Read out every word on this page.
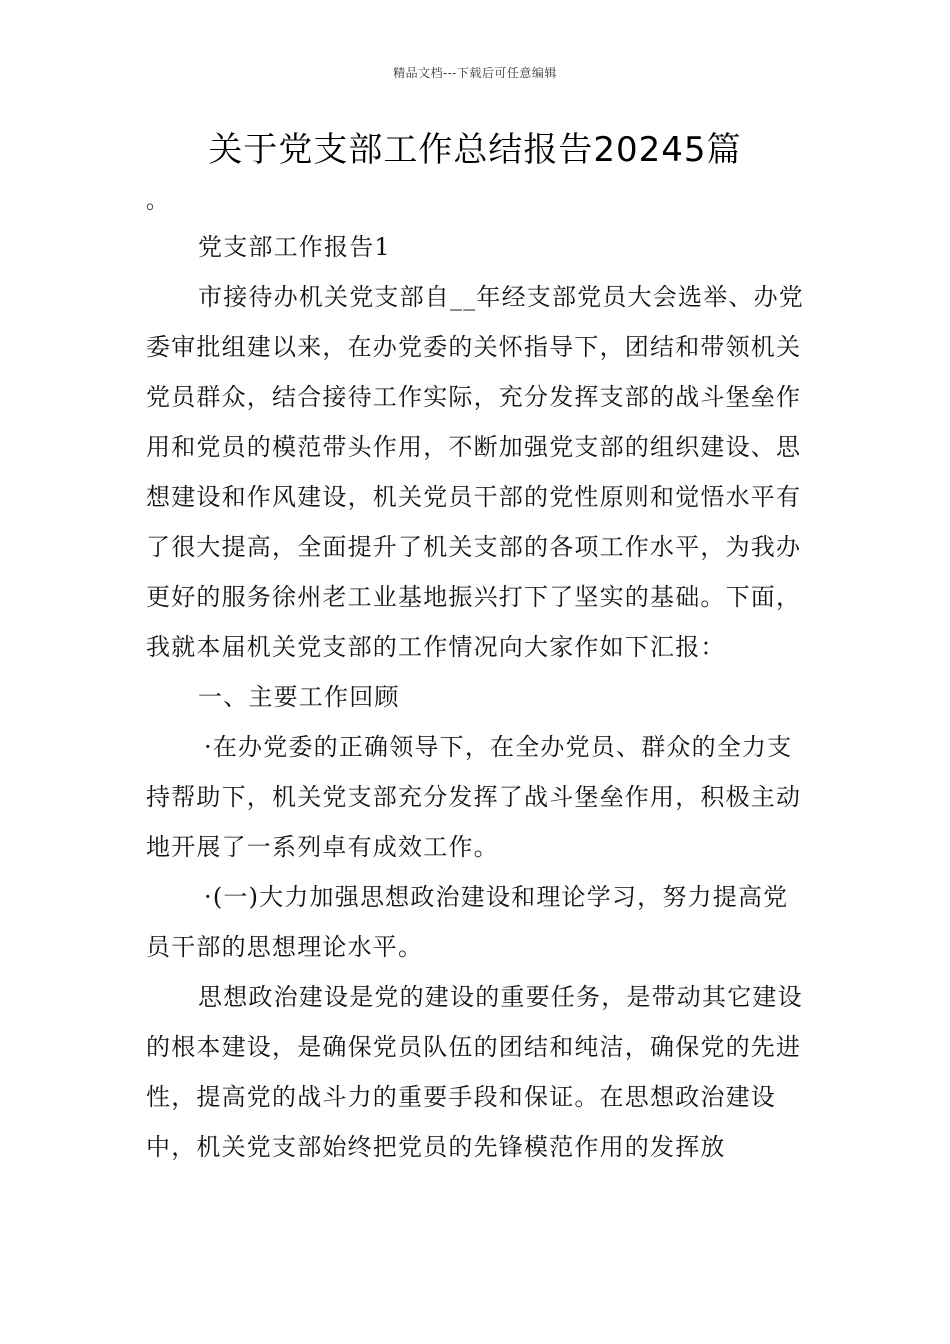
精品文档---下载后可任意编辑
关于党支部工作总结报告20245篇
。

党支部工作报告1

市接待办机关党支部自__年经支部党员大会选举、办党委审批组建以来，在办党委的关怀指导下，团结和带领机关党员群众，结合接待工作实际，充分发挥支部的战斗堡垒作用和党员的模范带头作用，不断加强党支部的组织建设、思想建设和作风建设，机关党员干部的党性原则和觉悟水平有了很大提高，全面提升了机关支部的各项工作水平，为我办更好的服务徐州老工业基地振兴打下了坚实的基础。下面，我就本届机关党支部的工作情况向大家作如下汇报：

一、主要工作回顾

·在办党委的正确领导下，在全办党员、群众的全力支持帮助下，机关党支部充分发挥了战斗堡垒作用，积极主动地开展了一系列卓有成效工作。

·(一)大力加强思想政治建设和理论学习，努力提高党员干部的思想理论水平。

思想政治建设是党的建设的重要任务，是带动其它建设的根本建设，是确保党员队伍的团结和纯洁，确保党的先进性，提高党的战斗力的重要手段和保证。在思想政治建设中，机关党支部始终把党员的先锋模范作用的发挥放
